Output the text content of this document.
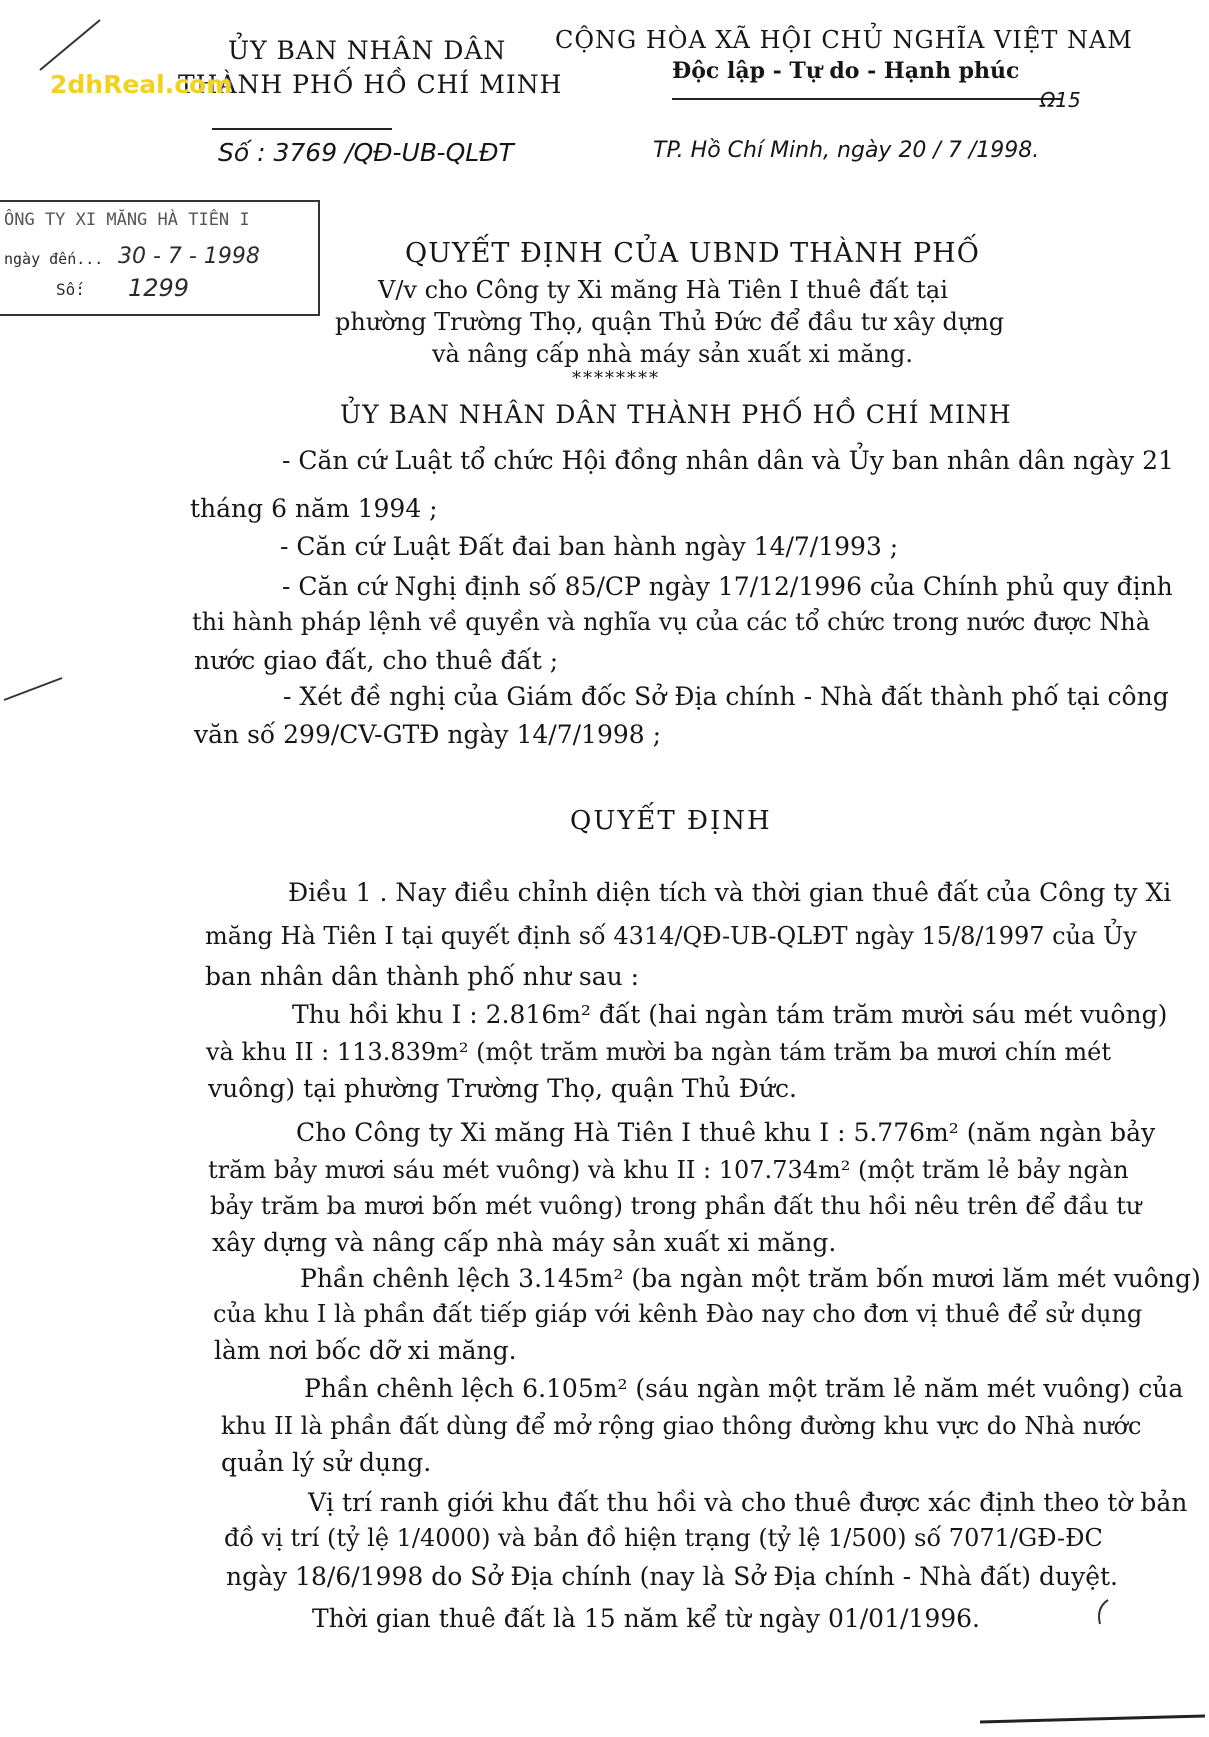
ỦY BAN NHÂN DÂN
THÀNH PHỐ HỒ CHÍ MINH
Số : 3769 /QĐ-UB-QLĐT
2dhReal.com
CỘNG HÒA XÃ HỘI CHỦ NGHĨA VIỆT NAM
Độc lập - Tự do - Hạnh phúc
Ω15
TP. Hồ Chí Minh, ngày 20 / 7 /1998.
ÔNG TY XI MĂNG HÀ TIÊN I
ngày đến... 30 - 7 - 1998
Số: 1299
QUYẾT ĐỊNH CỦA UBND THÀNH PHỐ
V/v cho Công ty Xi măng Hà Tiên I thuê đất tại
phường Trường Thọ, quận Thủ Đức để đầu tư xây dựng
và nâng cấp nhà máy sản xuất xi măng.
********
ỦY BAN NHÂN DÂN THÀNH PHỐ HỒ CHÍ MINH
- Căn cứ Luật tổ chức Hội đồng nhân dân và Ủy ban nhân dân ngày 21
tháng 6 năm 1994 ;
- Căn cứ Luật Đất đai ban hành ngày 14/7/1993 ;
- Căn cứ Nghị định số 85/CP ngày 17/12/1996 của Chính phủ quy định
thi hành pháp lệnh về quyền và nghĩa vụ của các tổ chức trong nước được Nhà
nước giao đất, cho thuê đất ;
- Xét đề nghị của Giám đốc Sở Địa chính - Nhà đất thành phố tại công
văn số 299/CV-GTĐ ngày 14/7/1998 ;
QUYẾT ĐỊNH
Điều 1 . Nay điều chỉnh diện tích và thời gian thuê đất của Công ty Xi
măng Hà Tiên I tại quyết định số 4314/QĐ-UB-QLĐT ngày 15/8/1997 của Ủy
ban nhân dân thành phố như sau :
Thu hồi khu I : 2.816m² đất (hai ngàn tám trăm mười sáu mét vuông)
và khu II : 113.839m² (một trăm mười ba ngàn tám trăm ba mươi chín mét
vuông) tại phường Trường Thọ, quận Thủ Đức.
Cho Công ty Xi măng Hà Tiên I thuê khu I : 5.776m² (năm ngàn bảy
trăm bảy mươi sáu mét vuông) và khu II : 107.734m² (một trăm lẻ bảy ngàn
bảy trăm ba mươi bốn mét vuông) trong phần đất thu hồi nêu trên để đầu tư
xây dựng và nâng cấp nhà máy sản xuất xi măng.
Phần chênh lệch 3.145m² (ba ngàn một trăm bốn mươi lăm mét vuông)
của khu I là phần đất tiếp giáp với kênh Đào nay cho đơn vị thuê để sử dụng
làm nơi bốc dỡ xi măng.
Phần chênh lệch 6.105m² (sáu ngàn một trăm lẻ năm mét vuông) của
khu II là phần đất dùng để mở rộng giao thông đường khu vực do Nhà nước
quản lý sử dụng.
Vị trí ranh giới khu đất thu hồi và cho thuê được xác định theo tờ bản
đồ vị trí (tỷ lệ 1/4000) và bản đồ hiện trạng (tỷ lệ 1/500) số 7071/GĐ-ĐC
ngày 18/6/1998 do Sở Địa chính (nay là Sở Địa chính - Nhà đất) duyệt.
Thời gian thuê đất là 15 năm kể từ ngày 01/01/1996.
